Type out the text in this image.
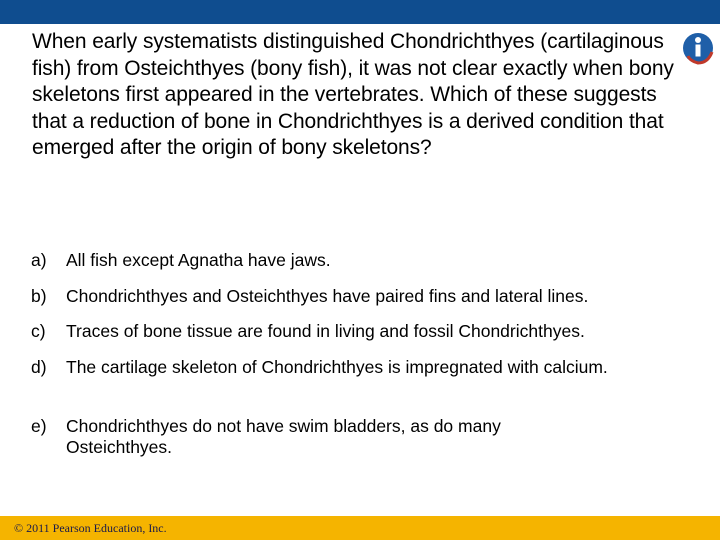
When early systematists distinguished Chondrichthyes (cartilaginous fish) from Osteichthyes (bony fish), it was not clear exactly when bony skeletons first appeared in the vertebrates. Which of these suggests that a reduction of bone in Chondrichthyes is a derived condition that emerged after the origin of bony skeletons?

a)	All fish except Agnatha have jaws.
b)	Chondrichthyes and Osteichthyes have paired fins and lateral lines.
c)	Traces of bone tissue are found in living and fossil Chondrichthyes.
d)	The cartilage skeleton of Chondrichthyes is impregnated with calcium.
e)	Chondrichthyes do not have swim bladders, as do many Osteichthyes.
© 2011 Pearson Education, Inc.
